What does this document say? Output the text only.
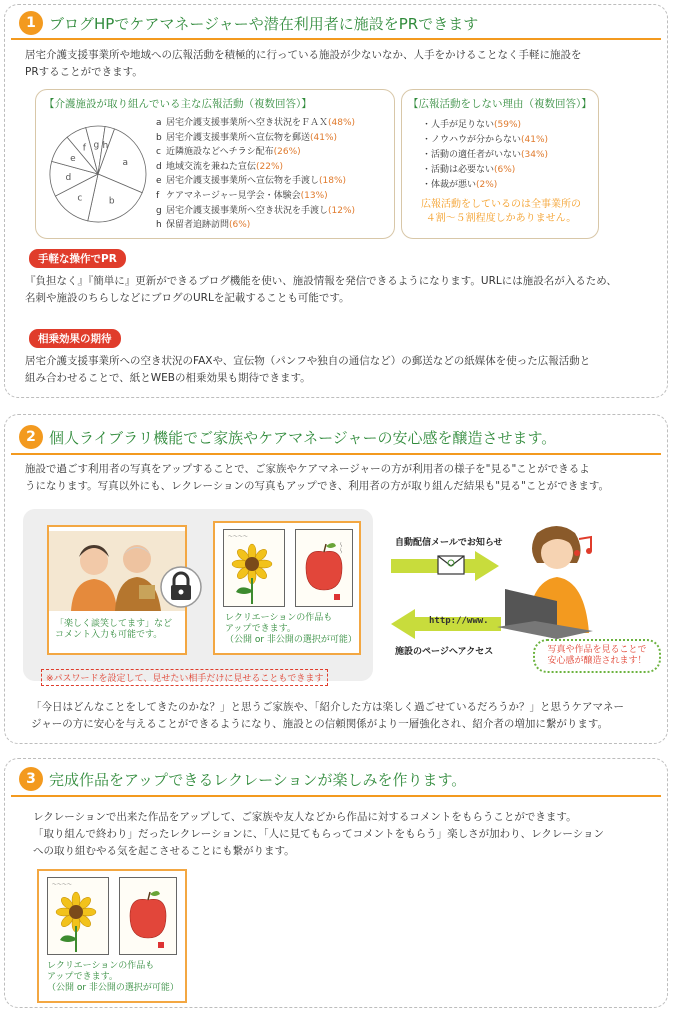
1 ブログHPでケアマネージャーや潜在利用者に施設をPRできます
居宅介護支援事業所や地域への広報活動を積極的に行っている施設が少ないなか、人手をかけることなく手軽に施設を
PRすることができます。
【介護施設が取り組んでいる主な広報活動（複数回答）】
a
b
c
d
e
f g h
a 居宅介護支援事業所へ空き状況をＦＡＸ(48%)
b 居宅介護支援事業所へ宣伝物を郵送(41%)
c 近隣施設などへチラシ配布(26%)
d 地域交流を兼ねた宣伝(22%)
e 居宅介護支援事業所へ宣伝物を手渡し(18%)
f ケアマネージャー見学会・体験会(13%)
g 居宅介護支援事業所へ空き状況を手渡し(12%)
h 保留者追跡訪問(6%)
【広報活動をしない理由（複数回答）】
・人手が足りない(59%)
・ノウハウが分からない(41%)
・活動の適任者がいない(34%)
・活動は必要ない(6%)
・体裁が悪い(2%)
広報活動をしているのは全事業所の
４割〜５割程度しかありません。
手軽な操作でPR
『負担なく』『簡単に』更新ができるブログ機能を使い、施設情報を発信できるようになります。URLには施設名が入るため、
名刺や施設のちらしなどにブログのURLを記載することも可能です。
相乗効果の期待
居宅介護支援事業所への空き状況のFAXや、宣伝物（パンフや独自の通信など）の郵送などの紙媒体を使った広報活動と
組み合わせることで、紙とWEBの相乗効果も期待できます。
2 個人ライブラリ機能でご家族やケアマネージャーの安心感を醸造させます。
施設で過ごす利用者の写真をアップすることで、ご家族やケアマネージャーの方が利用者の様子を"見る"ことができるよ
うになります。写真以外にも、レクレーションの写真もアップでき、利用者の方が取り組んだ結果も"見る"ことができます。
「楽しく談笑してます」など
コメント入力も可能です。
〜〜〜〜
〜〜
レクリエーションの作品も
アップできます。
（公開 or 非公開の選択が可能）
※パスワードを設定して、見せたい相手だけに見せることもできます
自動配信メールでお知らせ
http://www.
施設のページへアクセス	写真や作品を見ることで
安心感が醸造されます！
「今日はどんなことをしてきたのかな？」と思うご家族や、「紹介した方は楽しく過ごせているだろうか？」と思うケアマネー
ジャーの方に安心を与えることができるようになり、施設との信頼関係がより一層強化され、紹介者の増加に繋がります。
3 完成作品をアップできるレクレーションが楽しみを作ります。
レクレーションで出来た作品をアップして、ご家族や友人などから作品に対するコメントをもらうことができます。
「取り組んで終わり」だったレクレーションに、「人に見てもらってコメントをもらう」楽しさが加わり、レクレーション
への取り組むやる気を起こさせることにも繋がります。
〜〜〜〜
レクリエーションの作品も
アップできます。
（公開 or 非公開の選択が可能）
